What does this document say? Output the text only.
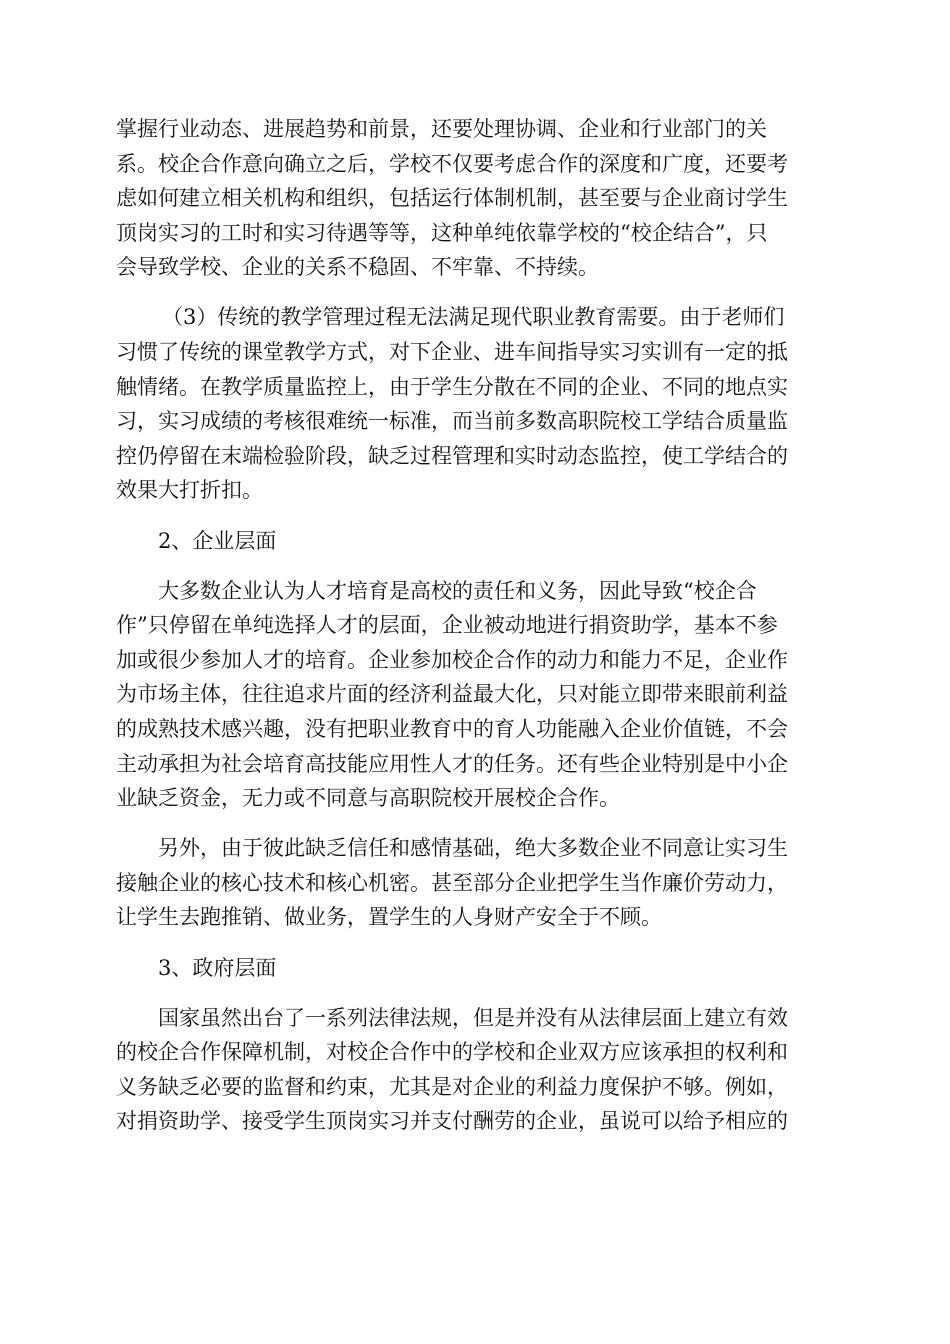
掌握行业动态、进展趋势和前景，还要处理协调、企业和行业部门的关
系。校企合作意向确立之后，学校不仅要考虑合作的深度和广度，还要考
虑如何建立相关机构和组织，包括运行体制机制，甚至要与企业商讨学生
顶岗实习的工时和实习待遇等等，这种单纯依靠学校的“校企结合”，只
会导致学校、企业的关系不稳固、不牢靠、不持续。

（3）传统的教学管理过程无法满足现代职业教育需要。由于老师们
习惯了传统的课堂教学方式，对下企业、进车间指导实习实训有一定的抵
触情绪。在教学质量监控上，由于学生分散在不同的企业、不同的地点实
习，实习成绩的考核很难统一标准，而当前多数高职院校工学结合质量监
控仍停留在末端检验阶段，缺乏过程管理和实时动态监控，使工学结合的
效果大打折扣。

2、企业层面

大多数企业认为人才培育是高校的责任和义务，因此导致“校企合
作”只停留在单纯选择人才的层面，企业被动地进行捐资助学，基本不参
加或很少参加人才的培育。企业参加校企合作的动力和能力不足，企业作
为市场主体，往往追求片面的经济利益最大化，只对能立即带来眼前利益
的成熟技术感兴趣，没有把职业教育中的育人功能融入企业价值链，不会
主动承担为社会培育高技能应用性人才的任务。还有些企业特别是中小企
业缺乏资金，无力或不同意与高职院校开展校企合作。

另外，由于彼此缺乏信任和感情基础，绝大多数企业不同意让实习生
接触企业的核心技术和核心机密。甚至部分企业把学生当作廉价劳动力，
让学生去跑推销、做业务，置学生的人身财产安全于不顾。

3、政府层面

国家虽然出台了一系列法律法规，但是并没有从法律层面上建立有效
的校企合作保障机制，对校企合作中的学校和企业双方应该承担的权利和
义务缺乏必要的监督和约束，尤其是对企业的利益力度保护不够。例如，
对捐资助学、接受学生顶岗实习并支付酬劳的企业，虽说可以给予相应的
